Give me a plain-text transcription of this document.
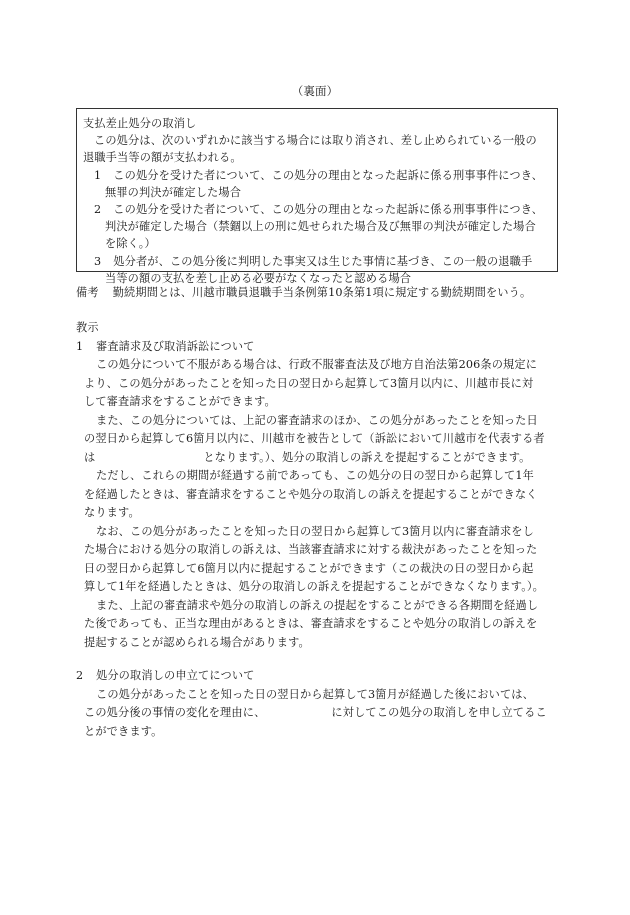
（裏面）
支払差止処分の取消し
この処分は、次のいずれかに該当する場合には取り消され、差し止められている一般の
退職手当等の額が支払われる。
1 この処分を受けた者について、この処分の理由となった起訴に係る刑事事件につき、
無罪の判決が確定した場合
2 この処分を受けた者について、この処分の理由となった起訴に係る刑事事件につき、
判決が確定した場合（禁錮以上の刑に処せられた場合及び無罪の判決が確定した場合
を除く。）
3 処分者が、この処分後に判明した事実又は生じた事情に基づき、この一般の退職手
当等の額の支払を差し止める必要がなくなったと認める場合
備考 勤続期間とは、川越市職員退職手当条例第10条第1項に規定する勤続期間をいう。
教示
1 審査請求及び取消訴訟について
この処分について不服がある場合は、行政不服審査法及び地方自治法第206条の規定に
より、この処分があったことを知った日の翌日から起算して3箇月以内に、川越市長に対
して審査請求をすることができます。
また、この処分については、上記の審査請求のほか、この処分があったことを知った日
の翌日から起算して6箇月以内に、川越市を被告として（訴訟において川越市を代表する者
は	となります。）、処分の取消しの訴えを提起することができます。
ただし、これらの期間が経過する前であっても、この処分の日の翌日から起算して1年
を経過したときは、審査請求をすることや処分の取消しの訴えを提起することができなく
なります。
なお、この処分があったことを知った日の翌日から起算して3箇月以内に審査請求をし
た場合における処分の取消しの訴えは、当該審査請求に対する裁決があったことを知った
日の翌日から起算して6箇月以内に提起することができます（この裁決の日の翌日から起
算して1年を経過したときは、処分の取消しの訴えを提起することができなくなります。）。
また、上記の審査請求や処分の取消しの訴えの提起をすることができる各期間を経過し
た後であっても、正当な理由があるときは、審査請求をすることや処分の取消しの訴えを
提起することが認められる場合があります。
2 処分の取消しの申立てについて
この処分があったことを知った日の翌日から起算して3箇月が経過した後においては、
この処分後の事情の変化を理由に、	に対してこの処分の取消しを申し立てるこ
とができます。
